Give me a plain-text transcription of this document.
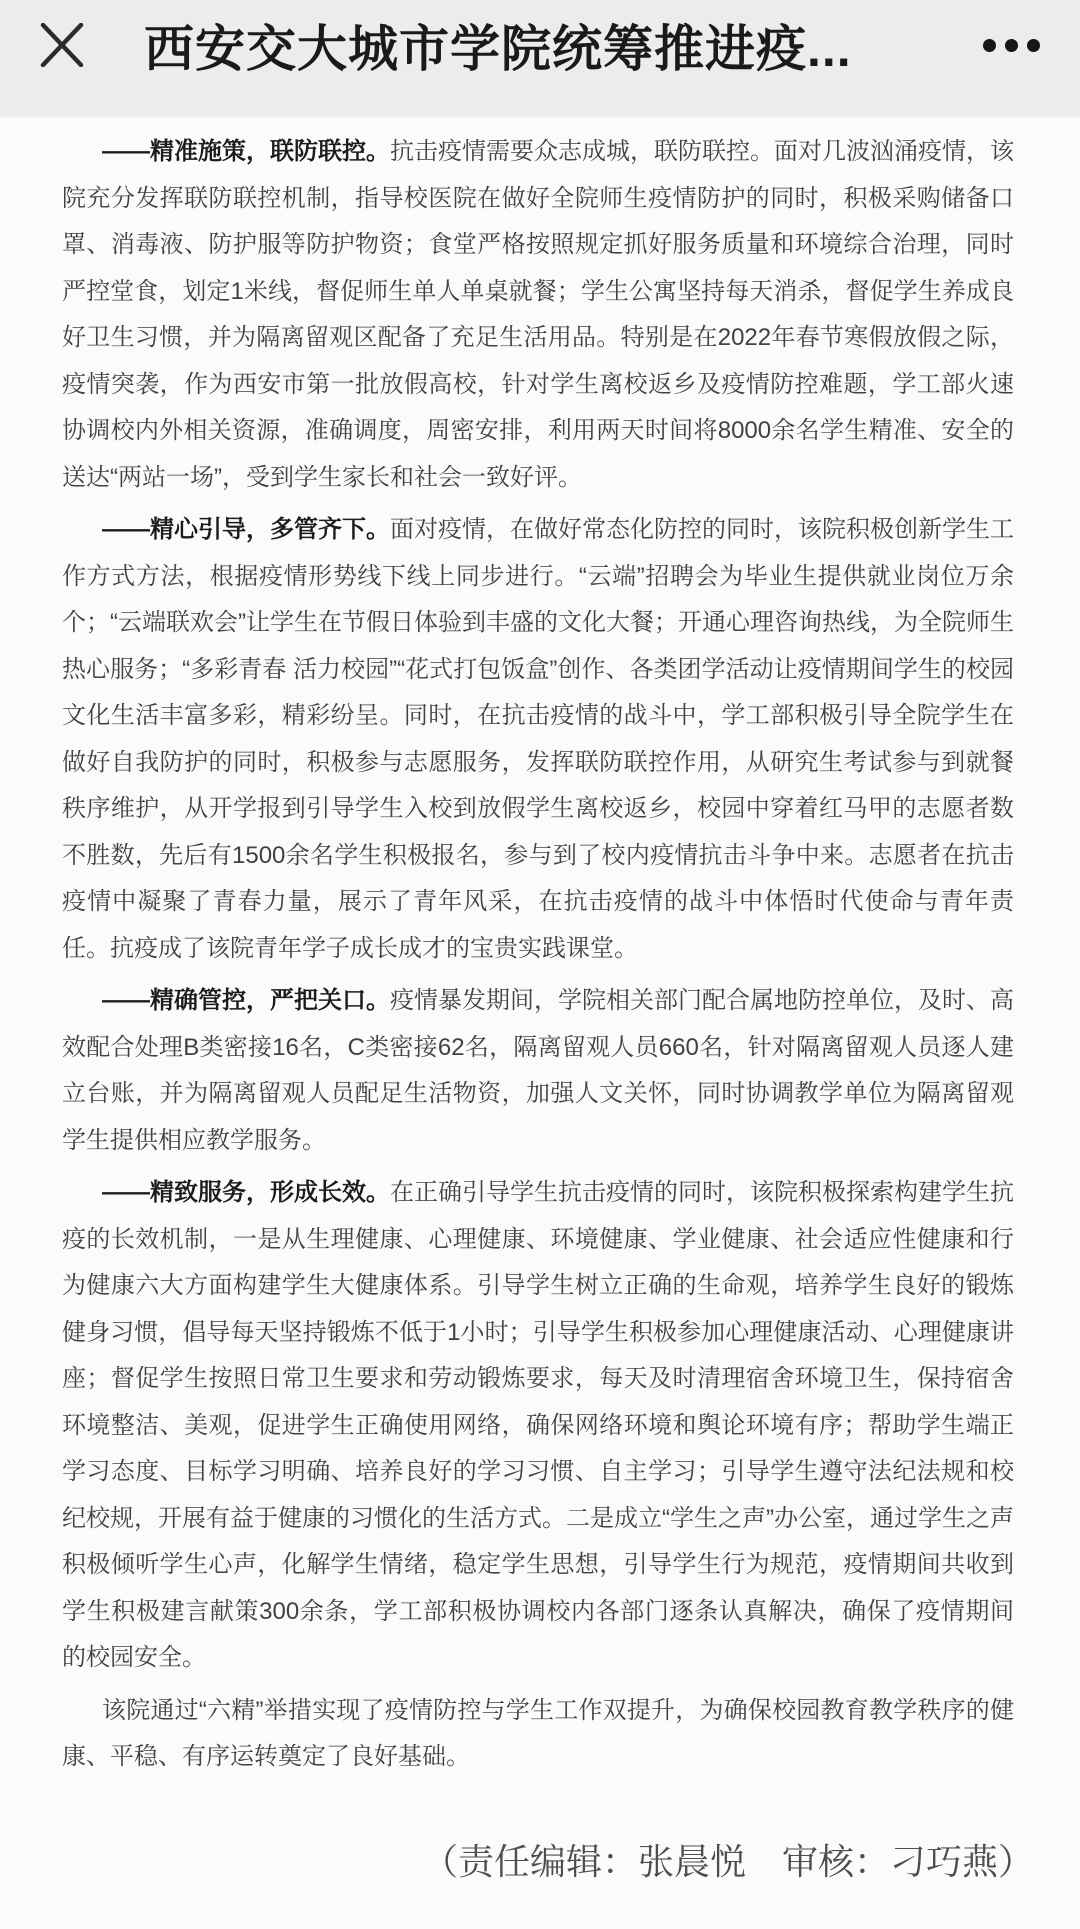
西安交大城市学院统筹推进疫...

——精准施策，联防联控。抗击疫情需要众志成城，联防联控。面对几波汹涌疫情，该院充分发挥联防联控机制，指导校医院在做好全院师生疫情防护的同时，积极采购储备口罩、消毒液、防护服等防护物资；食堂严格按照规定抓好服务质量和环境综合治理，同时严控堂食，划定1米线，督促师生单人单桌就餐；学生公寓坚持每天消杀，督促学生养成良好卫生习惯，并为隔离留观区配备了充足生活用品。特别是在2022年春节寒假放假之际，疫情突袭，作为西安市第一批放假高校，针对学生离校返乡及疫情防控难题，学工部火速协调校内外相关资源，准确调度，周密安排，利用两天时间将8000余名学生精准、安全的送达“两站一场”，受到学生家长和社会一致好评。

——精心引导，多管齐下。面对疫情，在做好常态化防控的同时，该院积极创新学生工作方式方法，根据疫情形势线下线上同步进行。“云端”招聘会为毕业生提供就业岗位万余个；“云端联欢会”让学生在节假日体验到丰盛的文化大餐；开通心理咨询热线，为全院师生热心服务；“多彩青春 活力校园”“花式打包饭盒”创作、各类团学活动让疫情期间学生的校园文化生活丰富多彩，精彩纷呈。同时，在抗击疫情的战斗中，学工部积极引导全院学生在做好自我防护的同时，积极参与志愿服务，发挥联防联控作用，从研究生考试参与到就餐秩序维护，从开学报到引导学生入校到放假学生离校返乡，校园中穿着红马甲的志愿者数不胜数，先后有1500余名学生积极报名，参与到了校内疫情抗击斗争中来。志愿者在抗击疫情中凝聚了青春力量，展示了青年风采，在抗击疫情的战斗中体悟时代使命与青年责任。抗疫成了该院青年学子成长成才的宝贵实践课堂。

——精确管控，严把关口。疫情暴发期间，学院相关部门配合属地防控单位，及时、高效配合处理B类密接16名，C类密接62名，隔离留观人员660名，针对隔离留观人员逐人建立台账，并为隔离留观人员配足生活物资，加强人文关怀，同时协调教学单位为隔离留观学生提供相应教学服务。

——精致服务，形成长效。在正确引导学生抗击疫情的同时，该院积极探索构建学生抗疫的长效机制，一是从生理健康、心理健康、环境健康、学业健康、社会适应性健康和行为健康六大方面构建学生大健康体系。引导学生树立正确的生命观，培养学生良好的锻炼健身习惯，倡导每天坚持锻炼不低于1小时；引导学生积极参加心理健康活动、心理健康讲座；督促学生按照日常卫生要求和劳动锻炼要求，每天及时清理宿舍环境卫生，保持宿舍环境整洁、美观，促进学生正确使用网络，确保网络环境和舆论环境有序；帮助学生端正学习态度、目标学习明确、培养良好的学习习惯、自主学习；引导学生遵守法纪法规和校纪校规，开展有益于健康的习惯化的生活方式。二是成立“学生之声”办公室，通过学生之声积极倾听学生心声，化解学生情绪，稳定学生思想，引导学生行为规范，疫情期间共收到学生积极建言献策300余条，学工部积极协调校内各部门逐条认真解决，确保了疫情期间的校园安全。

该院通过“六精”举措实现了疫情防控与学生工作双提升，为确保校园教育教学秩序的健康、平稳、有序运转奠定了良好基础。

（责任编辑：张晨悦　审核：刁巧燕）
